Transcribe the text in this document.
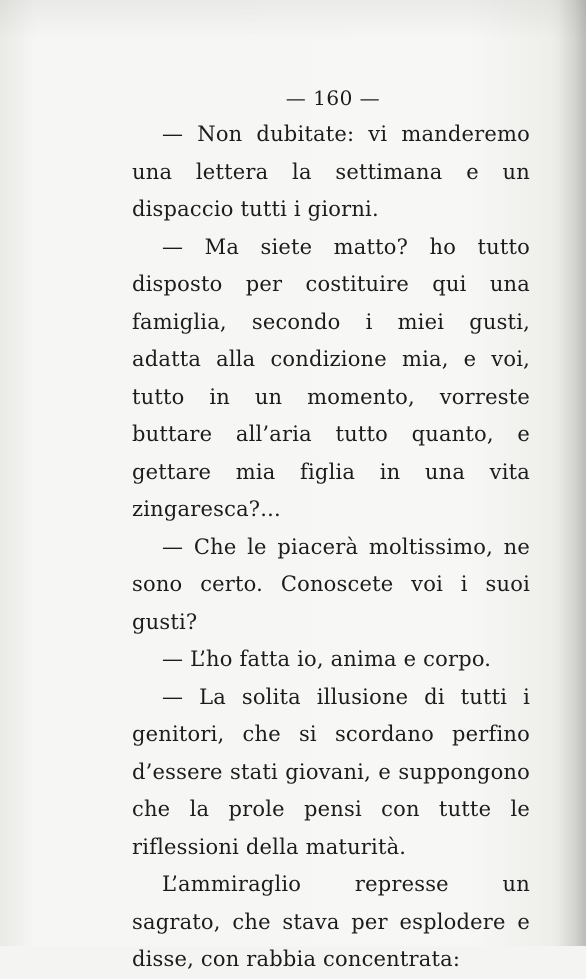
— 160 —

— Non dubitate: vi manderemo una lettera la settimana e un dispaccio tutti i giorni.

— Ma siete matto? ho tutto disposto per costituire qui una famiglia, secondo i miei gusti, adatta alla condizione mia, e voi, tutto in un momento, vorreste buttare all’aria tutto quanto, e gettare mia figlia in una vita zingaresca?...

— Che le piacerà moltissimo, ne sono certo. Conoscete voi i suoi gusti?

— L’ho fatta io, anima e corpo.

— La solita illusione di tutti i genitori, che si scordano perfino d’essere stati giovani, e suppongono che la prole pensi con tutte le riflessioni della maturità.

L’ammiraglio represse un sagrato, che stava per esplodere e disse, con rabbia concentrata:
